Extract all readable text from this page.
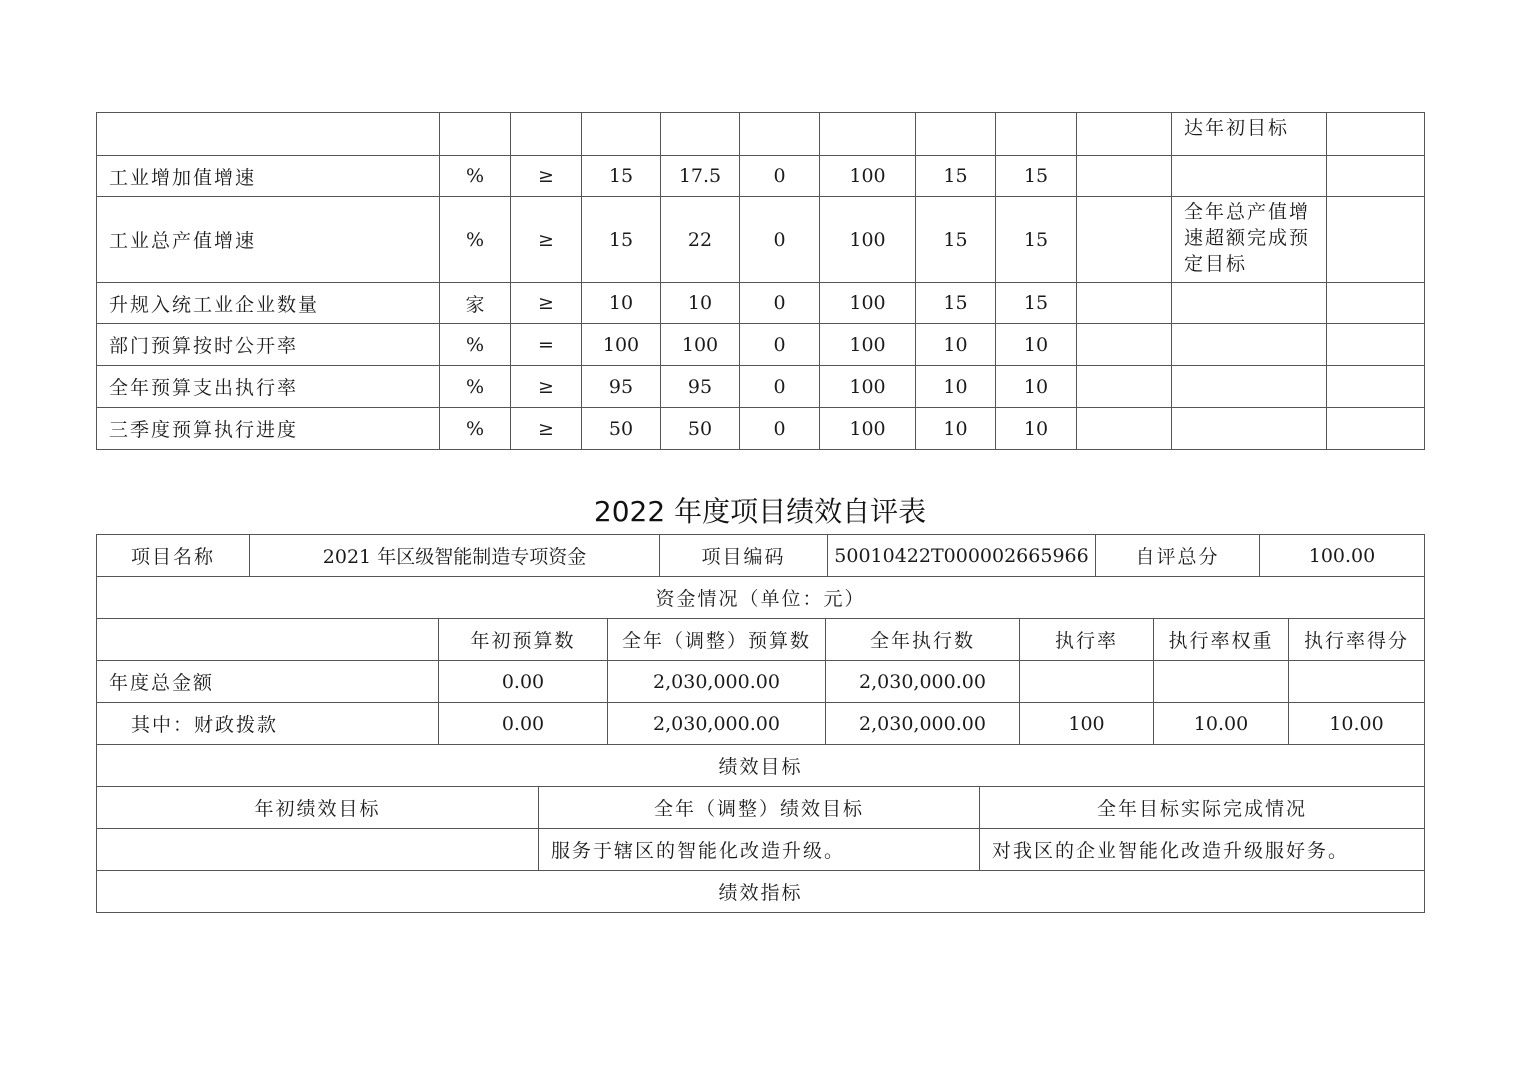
										达年初目标	
工业增加值增速	%	≥	15	17.5	0	100	15	15			
工业总产值增速	%	≥	15	22	0	100	15	15		全年总产值增速超额完成预定目标	
升规入统工业企业数量	家	≥	10	10	0	100	15	15			
部门预算按时公开率	%	=	100	100	0	100	10	10			
全年预算支出执行率	%	≥	95	95	0	100	10	10			
三季度预算执行进度	%	≥	50	50	0	100	10	10			
2022 年度项目绩效自评表
项目名称	2021 年区级智能制造专项资金	项目编码	50010422T000002665966	自评总分	100.00
资金情况（单位：元）						
	年初预算数	全年（调整）预算数	全年执行数	执行率	执行率权重	执行率得分
年度总金额	0.00	2,030,000.00	2,030,000.00			
其中：财政拨款	0.00	2,030,000.00	2,030,000.00	100	10.00	10.00
绩效目标		
年初绩效目标	全年（调整）绩效目标	全年目标实际完成情况
	服务于辖区的智能化改造升级。	对我区的企业智能化改造升级服好务。
绩效指标		
